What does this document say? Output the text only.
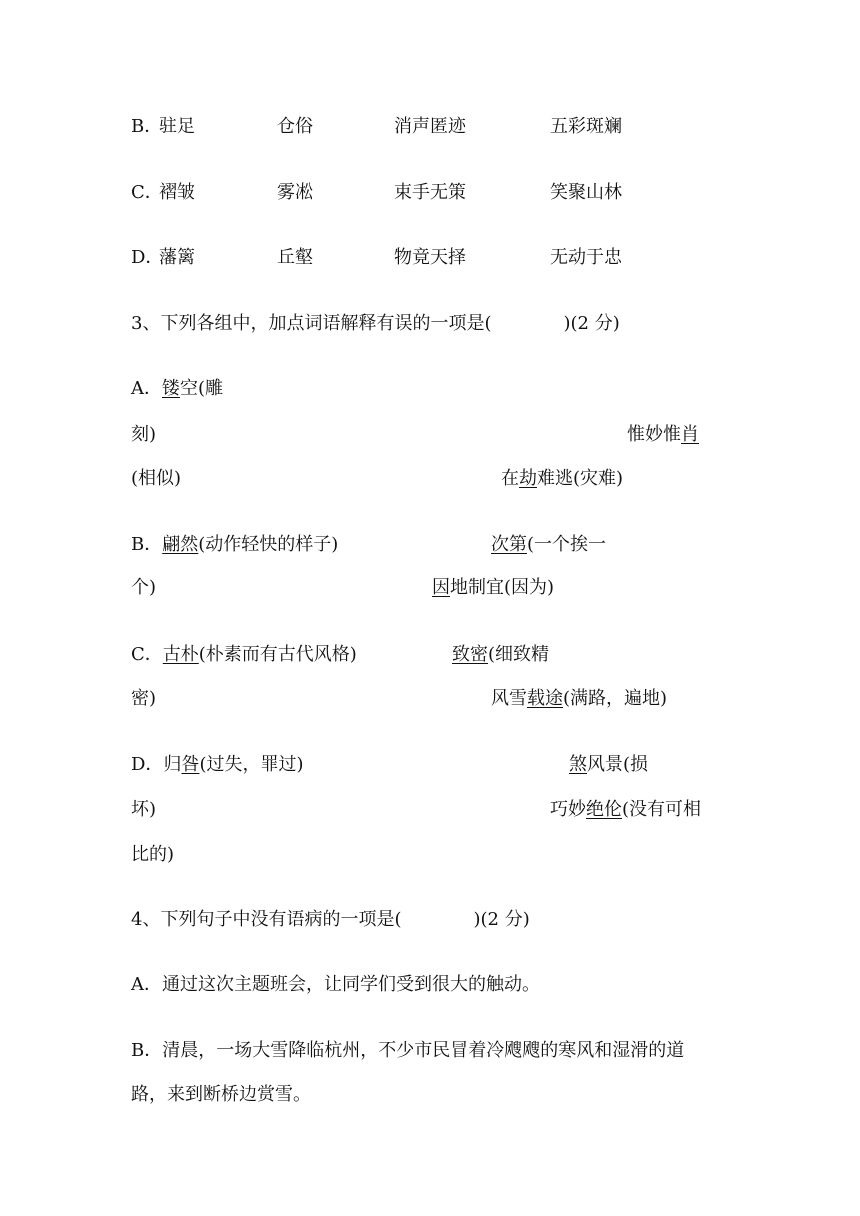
B．
驻足	仓俗	消声匿迹	五彩斑斓
C．
褶皱	雾凇	束手无策	笑聚山林
D．
藩篱	丘壑	物竟天择	无动于忠
3、下列各组中，加点词语解释有误的一项是(　　　　)(2 分)
A．镂空(雕
刻)	惟妙惟肖
(相似)	在劫难逃(灾难)
B．翩然(动作轻快的样子)	次第(一个挨一
个)	因地制宜(因为)
C．古朴(朴素而有古代风格)	致密(细致精
密)	风雪载途(满路，遍地)
D．归咎(过失，罪过)	煞风景(损
坏)	巧妙绝伦(没有可相
比的)
4、下列句子中没有语病的一项是(　　　　)(2 分)
A．通过这次主题班会，让同学们受到很大的触动。
B．清晨，一场大雪降临杭州，不少市民冒着冷飕飕的寒风和湿滑的道
路，来到断桥边赏雪。
